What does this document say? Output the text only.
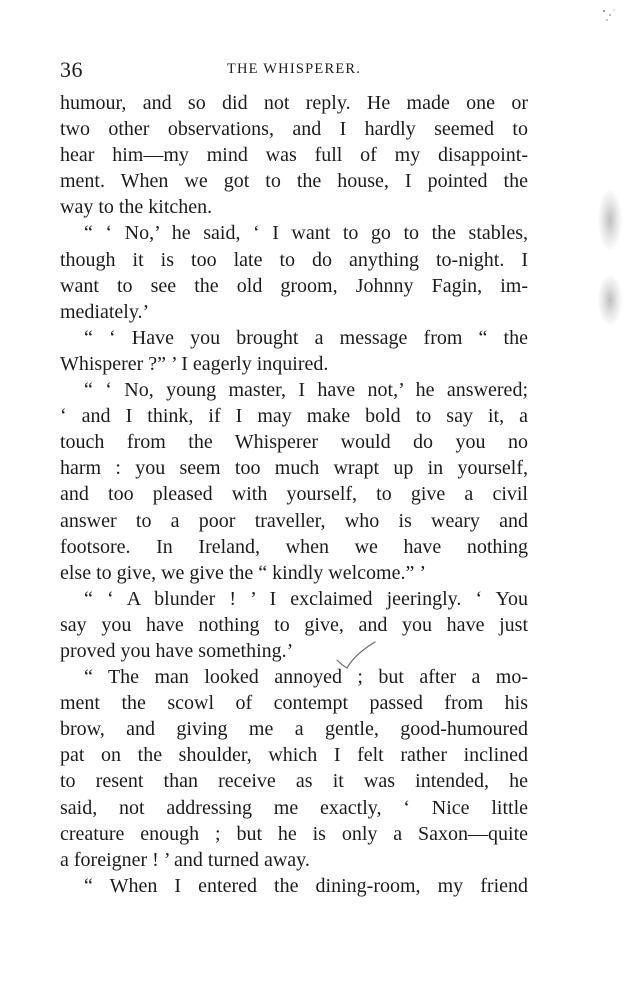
36	THE WHISPERER.
humour, and so did not reply. He made one or
two other observations, and I hardly seemed to
hear him—my mind was full of my disappoint-
ment. When we got to the house, I pointed the
way to the kitchen.
“ ‘ No,’ he said, ‘ I want to go to the stables,
though it is too late to do anything to-night. I
want to see the old groom, Johnny Fagin, im-
mediately.’
“ ‘ Have you brought a message from “ the
Whisperer ?” ’ I eagerly inquired.
“ ‘ No, young master, I have not,’ he answered;
‘ and I think, if I may make bold to say it, a
touch from the Whisperer would do you no
harm : you seem too much wrapt up in yourself,
and too pleased with yourself, to give a civil
answer to a poor traveller, who is weary and
footsore. In Ireland, when we have nothing
else to give, we give the “ kindly welcome.” ’
“ ‘ A blunder ! ’ I exclaimed jeeringly. ‘ You
say you have nothing to give, and you have just
proved you have something.’
“ The man looked annoyed ; but after a mo-
ment the scowl of contempt passed from his
brow, and giving me a gentle, good-humoured
pat on the shoulder, which I felt rather inclined
to resent than receive as it was intended, he
said, not addressing me exactly, ‘ Nice little
creature enough ; but he is only a Saxon—quite
a foreigner ! ’ and turned away.
“ When I entered the dining-room, my friend
